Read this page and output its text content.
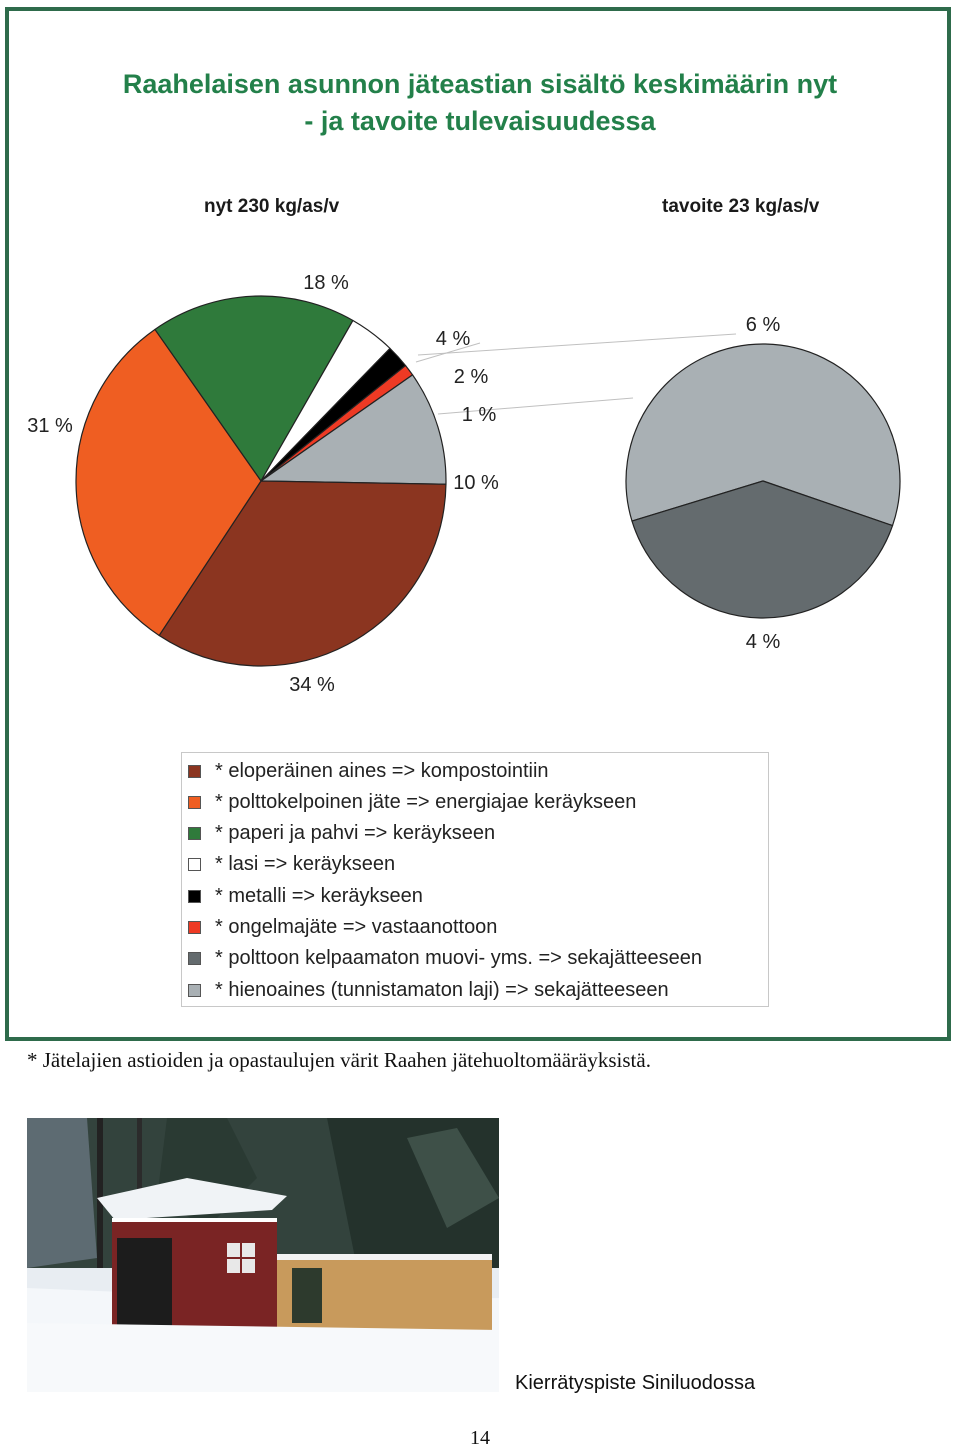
Raahelaisen asunnon jäteastian sisältö keskimäärin nyt
- ja tavoite tulevaisuudessa
nyt 230 kg/as/v	tavoite 23 kg/as/v
18 %
4 %
2 %
1 %
10 %
34 %
31 %
6 %
4 %
* eloperäinen aines => kompostointiin
* polttokelpoinen jäte => energiajae keräykseen
* paperi ja pahvi => keräykseen
* lasi => keräykseen
* metalli => keräykseen
* ongelmajäte => vastaanottoon
* polttoon kelpaamaton muovi- yms. => sekajätteeseen
* hienoaines (tunnistamaton laji) => sekajätteeseen
* Jätelajien astioiden ja opastaulujen värit Raahen jätehuoltomääräyksistä.
Kierrätyspiste Siniluodossa
14
